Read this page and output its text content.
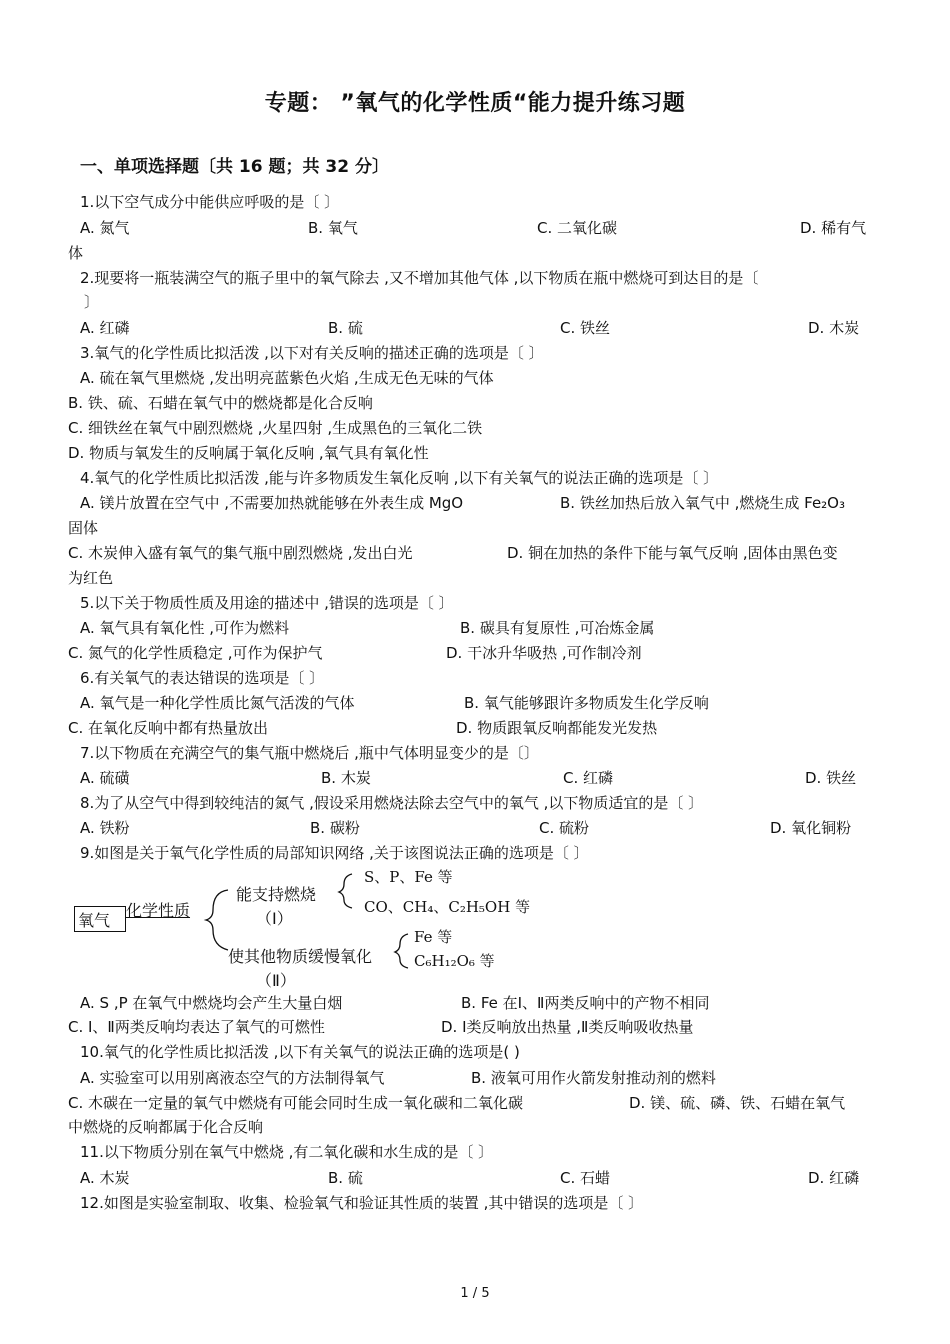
专题： ”氧气的化学性质“能力提升练习题
一、单项选择题〔共 16 题；共 32 分〕
1.以下空气成分中能供应呼吸的是〔 〕
A. 氮气	B. 氧气	C. 二氧化碳	D. 稀有气
体
2.现要将一瓶装满空气的瓶子里中的氧气除去 ,又不增加其他气体 ,以下物质在瓶中燃烧可到达目的是〔
〕
A. 红磷	B. 硫	C. 铁丝	D. 木炭
3.氧气的化学性质比拟活泼 ,以下对有关反响的描述正确的选项是〔 〕
A. 硫在氧气里燃烧 ,发出明亮蓝紫色火焰 ,生成无色无味的气体
B. 铁、硫、石蜡在氧气中的燃烧都是化合反响
C. 细铁丝在氧气中剧烈燃烧 ,火星四射 ,生成黑色的三氧化二铁
D. 物质与氧发生的反响属于氧化反响 ,氧气具有氧化性
4.氧气的化学性质比拟活泼 ,能与许多物质发生氧化反响 ,以下有关氧气的说法正确的选项是〔 〕
A. 镁片放置在空气中 ,不需要加热就能够在外表生成 MgO	B. 铁丝加热后放入氧气中 ,燃烧生成 Fe₂O₃
固体
C. 木炭伸入盛有氧气的集气瓶中剧烈燃烧 ,发出白光	D. 铜在加热的条件下能与氧气反响 ,固体由黑色变
为红色
5.以下关于物质性质及用途的描述中 ,错误的选项是〔 〕
A. 氧气具有氧化性 ,可作为燃料	B. 碳具有复原性 ,可冶炼金属
C. 氮气的化学性质稳定 ,可作为保护气	D. 干冰升华吸热 ,可作制冷剂
6.有关氧气的表达错误的选项是〔 〕
A. 氧气是一种化学性质比氮气活泼的气体	B. 氧气能够跟许多物质发生化学反响
C. 在氧化反响中都有热量放出	D. 物质跟氧反响都能发光发热
7.以下物质在充满空气的集气瓶中燃烧后 ,瓶中气体明显变少的是〔〕
A. 硫磺	B. 木炭	C. 红磷	D. 铁丝
8.为了从空气中得到较纯洁的氮气 ,假设采用燃烧法除去空气中的氧气 ,以下物质适宜的是〔 〕
A. 铁粉	B. 碳粉	C. 硫粉	D. 氧化铜粉
9.如图是关于氧气化学性质的局部知识网络 ,关于该图说法正确的选项是〔 〕
氧气
化学性质
能支持燃烧
（Ⅰ）
S、P、Fe 等
CO、CH₄、C₂H₅OH 等
使其他物质缓慢氧化
（Ⅱ）
Fe 等
C₆H₁₂O₆ 等
A. S ,P 在氧气中燃烧均会产生大量白烟	B. Fe 在Ⅰ、Ⅱ两类反响中的产物不相同
C. Ⅰ、Ⅱ两类反响均表达了氧气的可燃性	D. Ⅰ类反响放出热量 ,Ⅱ类反响吸收热量
10.氧气的化学性质比拟活泼 ,以下有关氧气的说法正确的选项是( )
A. 实验室可以用别离液态空气的方法制得氧气	B. 液氧可用作火箭发射推动剂的燃料
C. 木碳在一定量的氧气中燃烧有可能会同时生成一氧化碳和二氧化碳	D. 镁、硫、磷、铁、石蜡在氧气
中燃烧的反响都属于化合反响
11.以下物质分别在氧气中燃烧 ,有二氧化碳和水生成的是〔 〕
A. 木炭	B. 硫	C. 石蜡	D. 红磷
12.如图是实验室制取、收集、检验氧气和验证其性质的装置 ,其中错误的选项是〔 〕
1 / 5
